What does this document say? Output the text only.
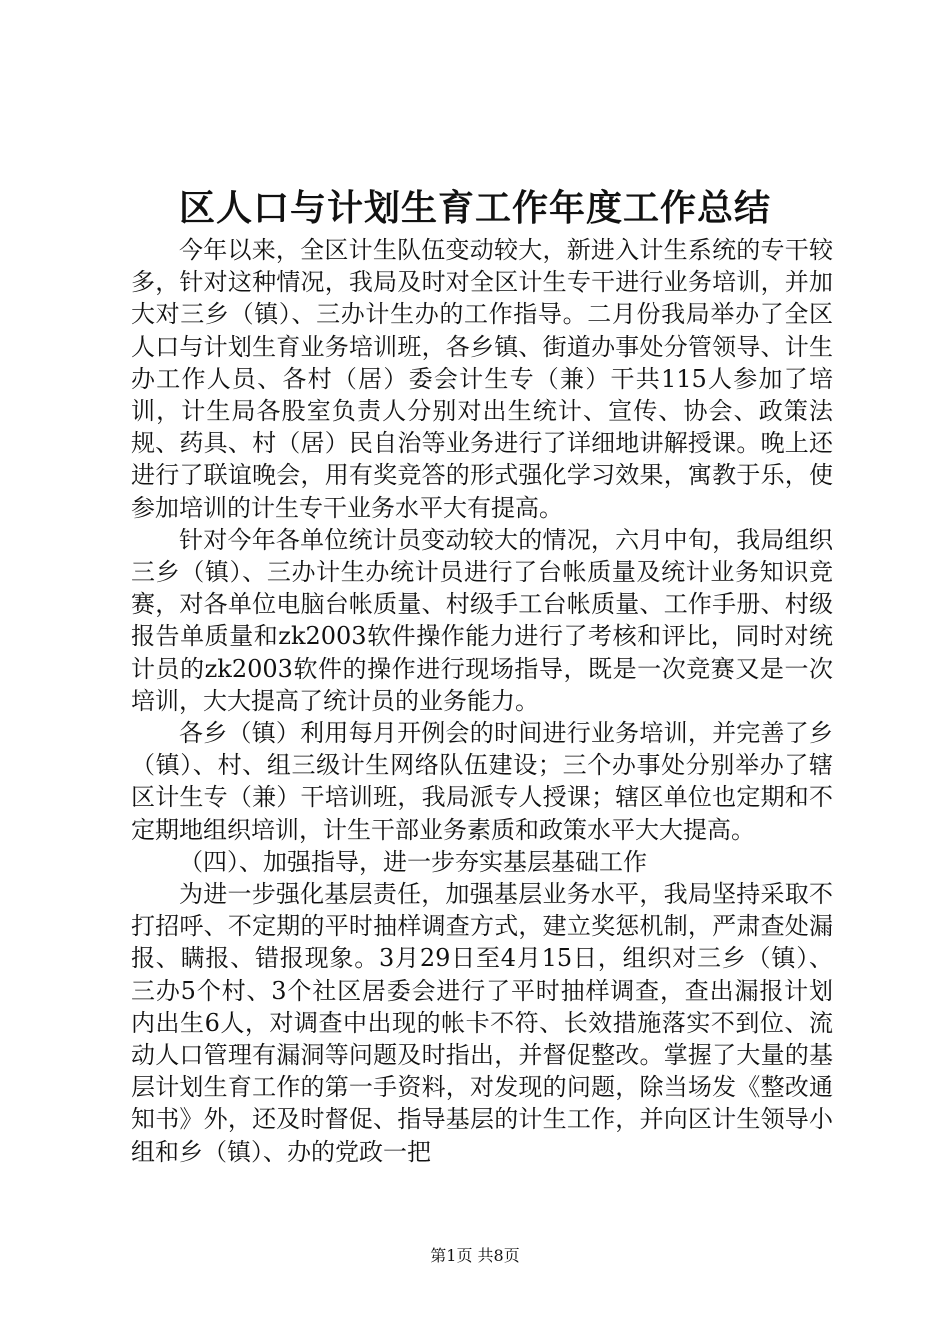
区人口与计划生育工作年度工作总结

今年以来，全区计生队伍变动较大，新进入计生系统的专干较多，针对这种情况，我局及时对全区计生专干进行业务培训，并加大对三乡（镇）、三办计生办的工作指导。二月份我局举办了全区人口与计划生育业务培训班，各乡镇、街道办事处分管领导、计生办工作人员、各村（居）委会计生专（兼）干共115人参加了培训，计生局各股室负责人分别对出生统计、宣传、协会、政策法规、药具、村（居）民自治等业务进行了详细地讲解授课。晚上还进行了联谊晚会，用有奖竞答的形式强化学习效果，寓教于乐，使参加培训的计生专干业务水平大有提高。

针对今年各单位统计员变动较大的情况，六月中旬，我局组织三乡（镇）、三办计生办统计员进行了台帐质量及统计业务知识竞赛，对各单位电脑台帐质量、村级手工台帐质量、工作手册、村级报告单质量和zk2003软件操作能力进行了考核和评比，同时对统计员的zk2003软件的操作进行现场指导，既是一次竞赛又是一次培训，大大提高了统计员的业务能力。

各乡（镇）利用每月开例会的时间进行业务培训，并完善了乡（镇）、村、组三级计生网络队伍建设；三个办事处分别举办了辖区计生专（兼）干培训班，我局派专人授课；辖区单位也定期和不定期地组织培训，计生干部业务素质和政策水平大大提高。

（四）、加强指导，进一步夯实基层基础工作

为进一步强化基层责任，加强基层业务水平，我局坚持采取不打招呼、不定期的平时抽样调查方式，建立奖惩机制，严肃查处漏报、瞒报、错报现象。3月29日至4月15日，组织对三乡（镇）、三办5个村、3个社区居委会进行了平时抽样调查，查出漏报计划内出生6人，对调查中出现的帐卡不符、长效措施落实不到位、流动人口管理有漏洞等问题及时指出，并督促整改。掌握了大量的基层计划生育工作的第一手资料，对发现的问题，除当场发《整改通知书》外，还及时督促、指导基层的计生工作，并向区计生领导小组和乡（镇）、办的党政一把

第1页 共8页
